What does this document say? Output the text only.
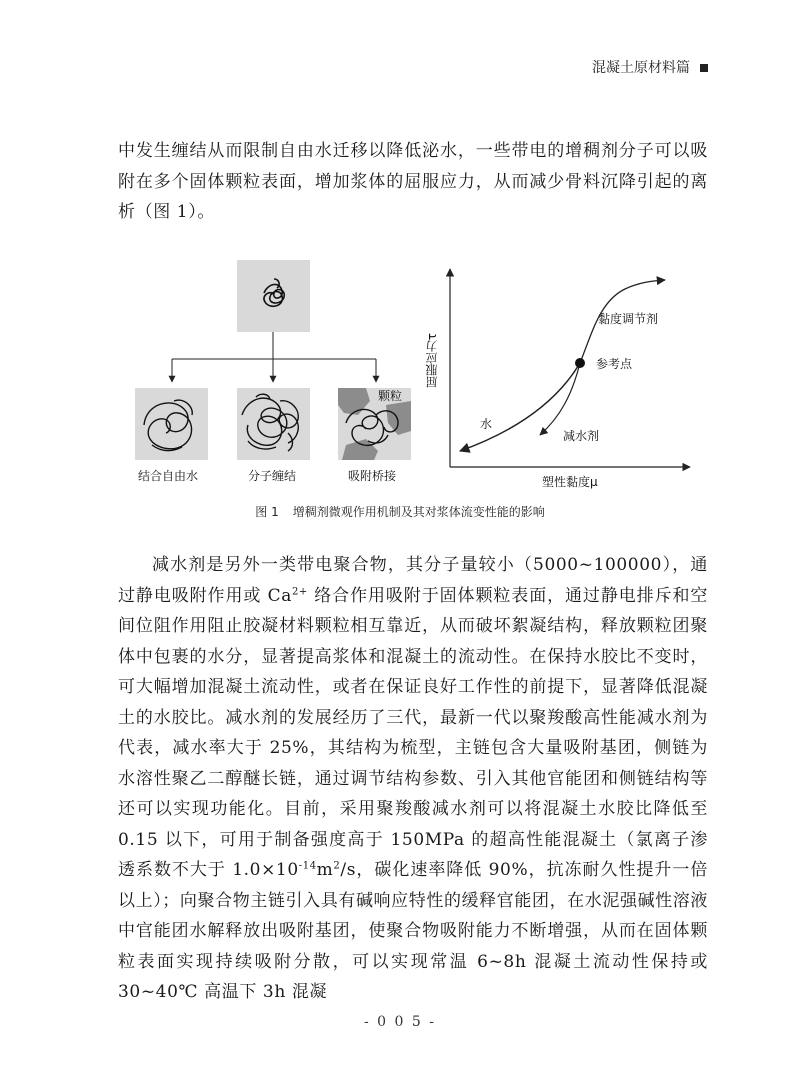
混凝土原材料篇

中发生缠结从而限制自由水迁移以降低泌水，一些带电的增稠剂分子可以吸附在多个固体颗粒表面，增加浆体的屈服应力，从而减少骨料沉降引起的离析（图 1）。

颗粒
结合自由水	分子缠结	吸附桥接
屈服应力τ
塑性黏度μ
黏度调节剂
参考点
水
减水剂
图 1 增稠剂微观作用机制及其对浆体流变性能的影响

减水剂是另外一类带电聚合物，其分子量较小（5000~100000），通过静电吸附作用或 $Ca^{2+}$ 络合作用吸附于固体颗粒表面，通过静电排斥和空间位阻作用阻止胶凝材料颗粒相互靠近，从而破坏絮凝结构，释放颗粒团聚体中包裹的水分，显著提高浆体和混凝土的流动性。在保持水胶比不变时，可大幅增加混凝土流动性，或者在保证良好工作性的前提下，显著降低混凝土的水胶比。减水剂的发展经历了三代，最新一代以聚羧酸高性能减水剂为代表，减水率大于 25%，其结构为梳型，主链包含大量吸附基团，侧链为水溶性聚乙二醇醚长链，通过调节结构参数、引入其他官能团和侧链结构等还可以实现功能化。目前，采用聚羧酸减水剂可以将混凝土水胶比降低至 0.15 以下，可用于制备强度高于 150MPa 的超高性能混凝土（氯离子渗透系数不大于 $1.0\times 10^{-14}m^2/s$，碳化速率降低 90%，抗冻耐久性提升一倍以上）；向聚合物主链引入具有碱响应特性的缓释官能团，在水泥强碱性溶液中官能团水解释放出吸附基团，使聚合物吸附能力不断增强，从而在固体颗粒表面实现持续吸附分散，可以实现常温 6~8h 混凝土流动性保持或 30~40℃ 高温下 3h 混凝

- 0 0 5 -
